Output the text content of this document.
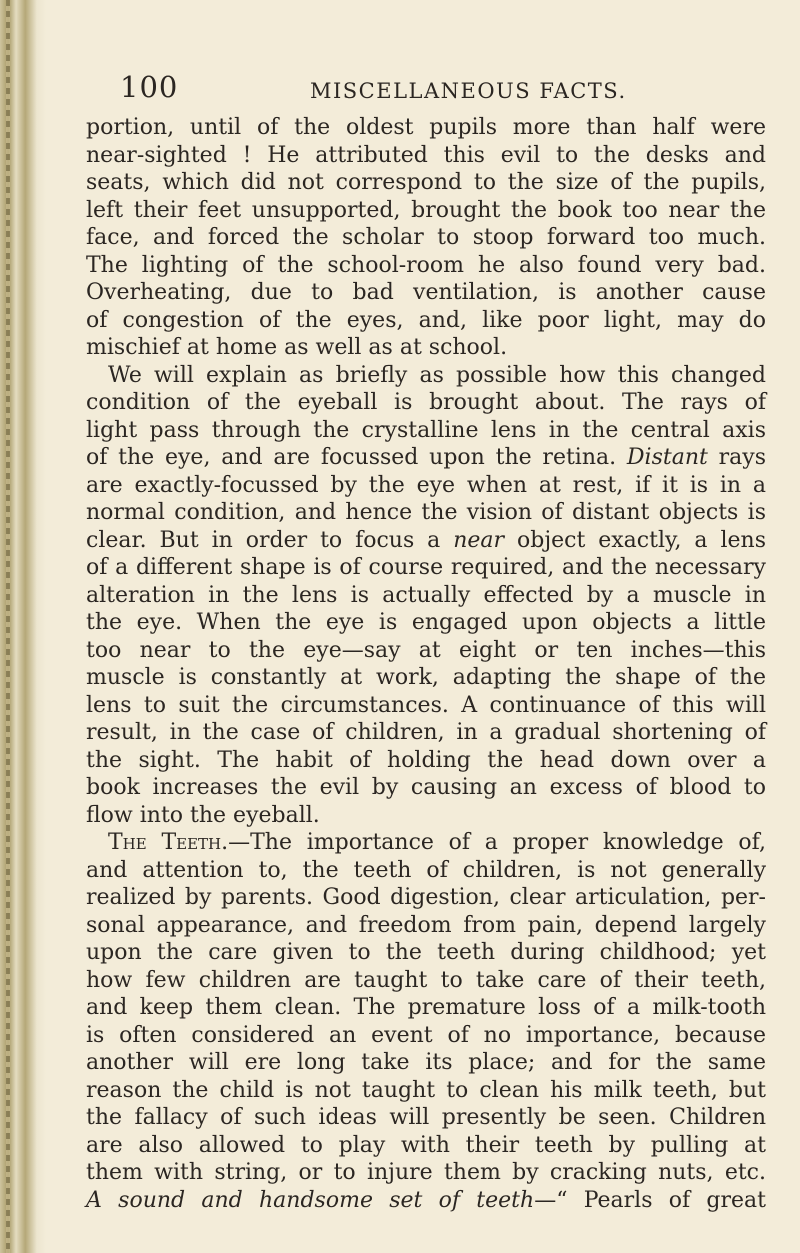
100	MISCELLANEOUS FACTS.
portion, until of the oldest pupils more than half were
near-sighted ! He attributed this evil to the desks and
seats, which did not correspond to the size of the pupils,
left their feet unsupported, brought the book too near the
face, and forced the scholar to stoop forward too much.
The lighting of the school-room he also found very bad.
Overheating, due to bad ventilation, is another cause
of congestion of the eyes, and, like poor light, may do
mischief at home as well as at school.
We will explain as briefly as possible how this changed
condition of the eyeball is brought about. The rays of
light pass through the crystalline lens in the central axis
of the eye, and are focussed upon the retina. Distant rays
are exactly-focussed by the eye when at rest, if it is in a
normal condition, and hence the vision of distant objects is
clear. But in order to focus a near object exactly, a lens
of a different shape is of course required, and the necessary
alteration in the lens is actually effected by a muscle in
the eye. When the eye is engaged upon objects a little
too near to the eye—say at eight or ten inches—this
muscle is constantly at work, adapting the shape of the
lens to suit the circumstances. A continuance of this will
result, in the case of children, in a gradual shortening of
the sight. The habit of holding the head down over a
book increases the evil by causing an excess of blood to
flow into the eyeball.
The Teeth.—The importance of a proper knowledge of,
and attention to, the teeth of children, is not generally
realized by parents. Good digestion, clear articulation, per-
sonal appearance, and freedom from pain, depend largely
upon the care given to the teeth during childhood; yet
how few children are taught to take care of their teeth,
and keep them clean. The premature loss of a milk-tooth
is often considered an event of no importance, because
another will ere long take its place; and for the same
reason the child is not taught to clean his milk teeth, but
the fallacy of such ideas will presently be seen. Children
are also allowed to play with their teeth by pulling at
them with string, or to injure them by cracking nuts, etc.
A sound and handsome set of teeth—“ Pearls of great
